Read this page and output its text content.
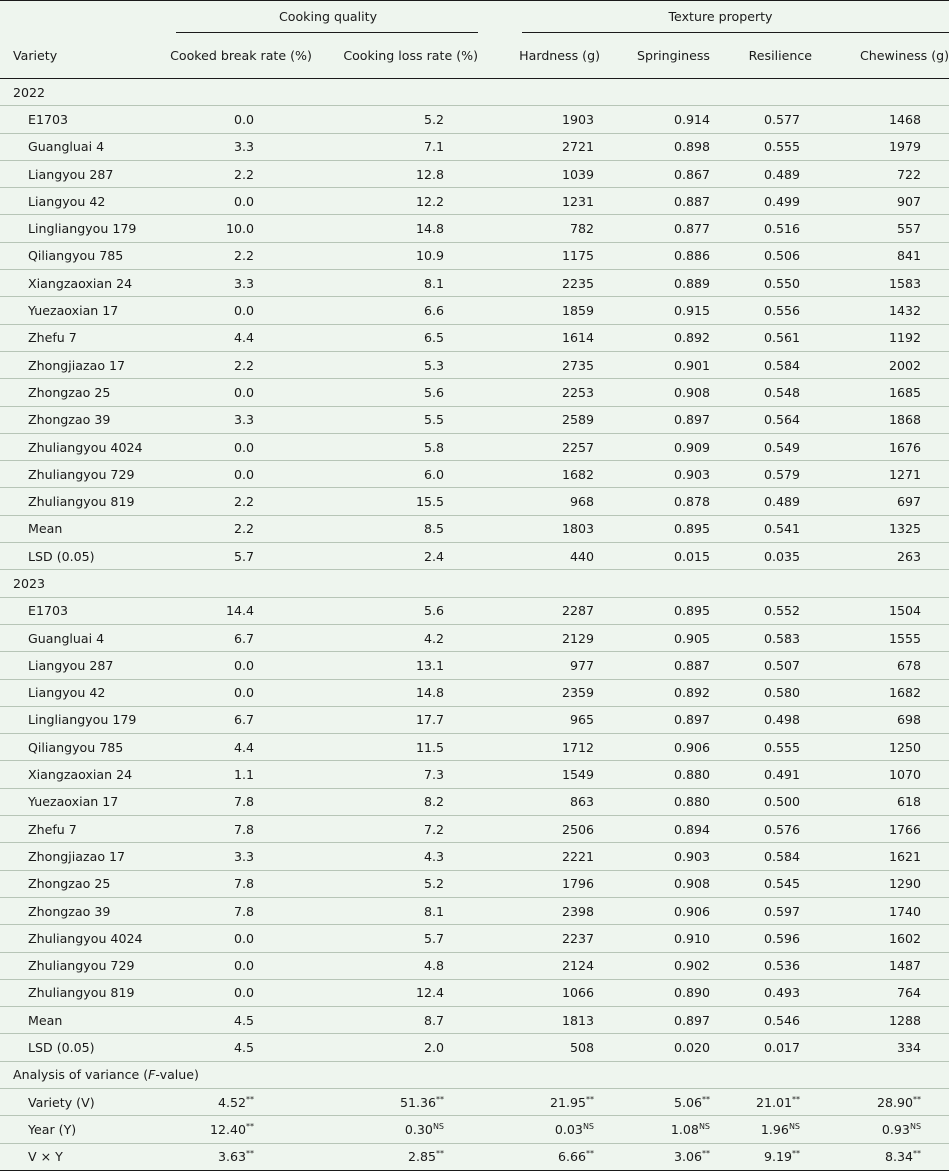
	Cooking quality		Texture property			

Variety	Cooked break rate (%)	Cooking loss rate (%)	Hardness (g)	Springiness	Resilience	Chewiness (g)
2022						
E1703	0.0	5.2	1903	0.914	0.577	1468
Guangluai 4	3.3	7.1	2721	0.898	0.555	1979
Liangyou 287	2.2	12.8	1039	0.867	0.489	722
Liangyou 42	0.0	12.2	1231	0.887	0.499	907
Lingliangyou 179	10.0	14.8	782	0.877	0.516	557
Qiliangyou 785	2.2	10.9	1175	0.886	0.506	841
Xiangzaoxian 24	3.3	8.1	2235	0.889	0.550	1583
Yuezaoxian 17	0.0	6.6	1859	0.915	0.556	1432
Zhefu 7	4.4	6.5	1614	0.892	0.561	1192
Zhongjiazao 17	2.2	5.3	2735	0.901	0.584	2002
Zhongzao 25	0.0	5.6	2253	0.908	0.548	1685
Zhongzao 39	3.3	5.5	2589	0.897	0.564	1868
Zhuliangyou 4024	0.0	5.8	2257	0.909	0.549	1676
Zhuliangyou 729	0.0	6.0	1682	0.903	0.579	1271
Zhuliangyou 819	2.2	15.5	968	0.878	0.489	697
Mean	2.2	8.5	1803	0.895	0.541	1325
LSD (0.05)	5.7	2.4	440	0.015	0.035	263
2023						
E1703	14.4	5.6	2287	0.895	0.552	1504
Guangluai 4	6.7	4.2	2129	0.905	0.583	1555
Liangyou 287	0.0	13.1	977	0.887	0.507	678
Liangyou 42	0.0	14.8	2359	0.892	0.580	1682
Lingliangyou 179	6.7	17.7	965	0.897	0.498	698
Qiliangyou 785	4.4	11.5	1712	0.906	0.555	1250
Xiangzaoxian 24	1.1	7.3	1549	0.880	0.491	1070
Yuezaoxian 17	7.8	8.2	863	0.880	0.500	618
Zhefu 7	7.8	7.2	2506	0.894	0.576	1766
Zhongjiazao 17	3.3	4.3	2221	0.903	0.584	1621
Zhongzao 25	7.8	5.2	1796	0.908	0.545	1290
Zhongzao 39	7.8	8.1	2398	0.906	0.597	1740
Zhuliangyou 4024	0.0	5.7	2237	0.910	0.596	1602
Zhuliangyou 729	0.0	4.8	2124	0.902	0.536	1487
Zhuliangyou 819	0.0	12.4	1066	0.890	0.493	764
Mean	4.5	8.7	1813	0.897	0.546	1288
LSD (0.05)	4.5	2.0	508	0.020	0.017	334
Analysis of variance (F-value)						
Variety (V)	4.52**	51.36**	21.95**	5.06**	21.01**	28.90**
Year (Y)	12.40**	$0.30^{NS}$	$0.03^{NS}$	$1.08^{NS}$	$1.96^{NS}$	$0.93^{NS}$
V × Y	3.63**	2.85**	6.66**	3.06**	9.19**	8.34**
